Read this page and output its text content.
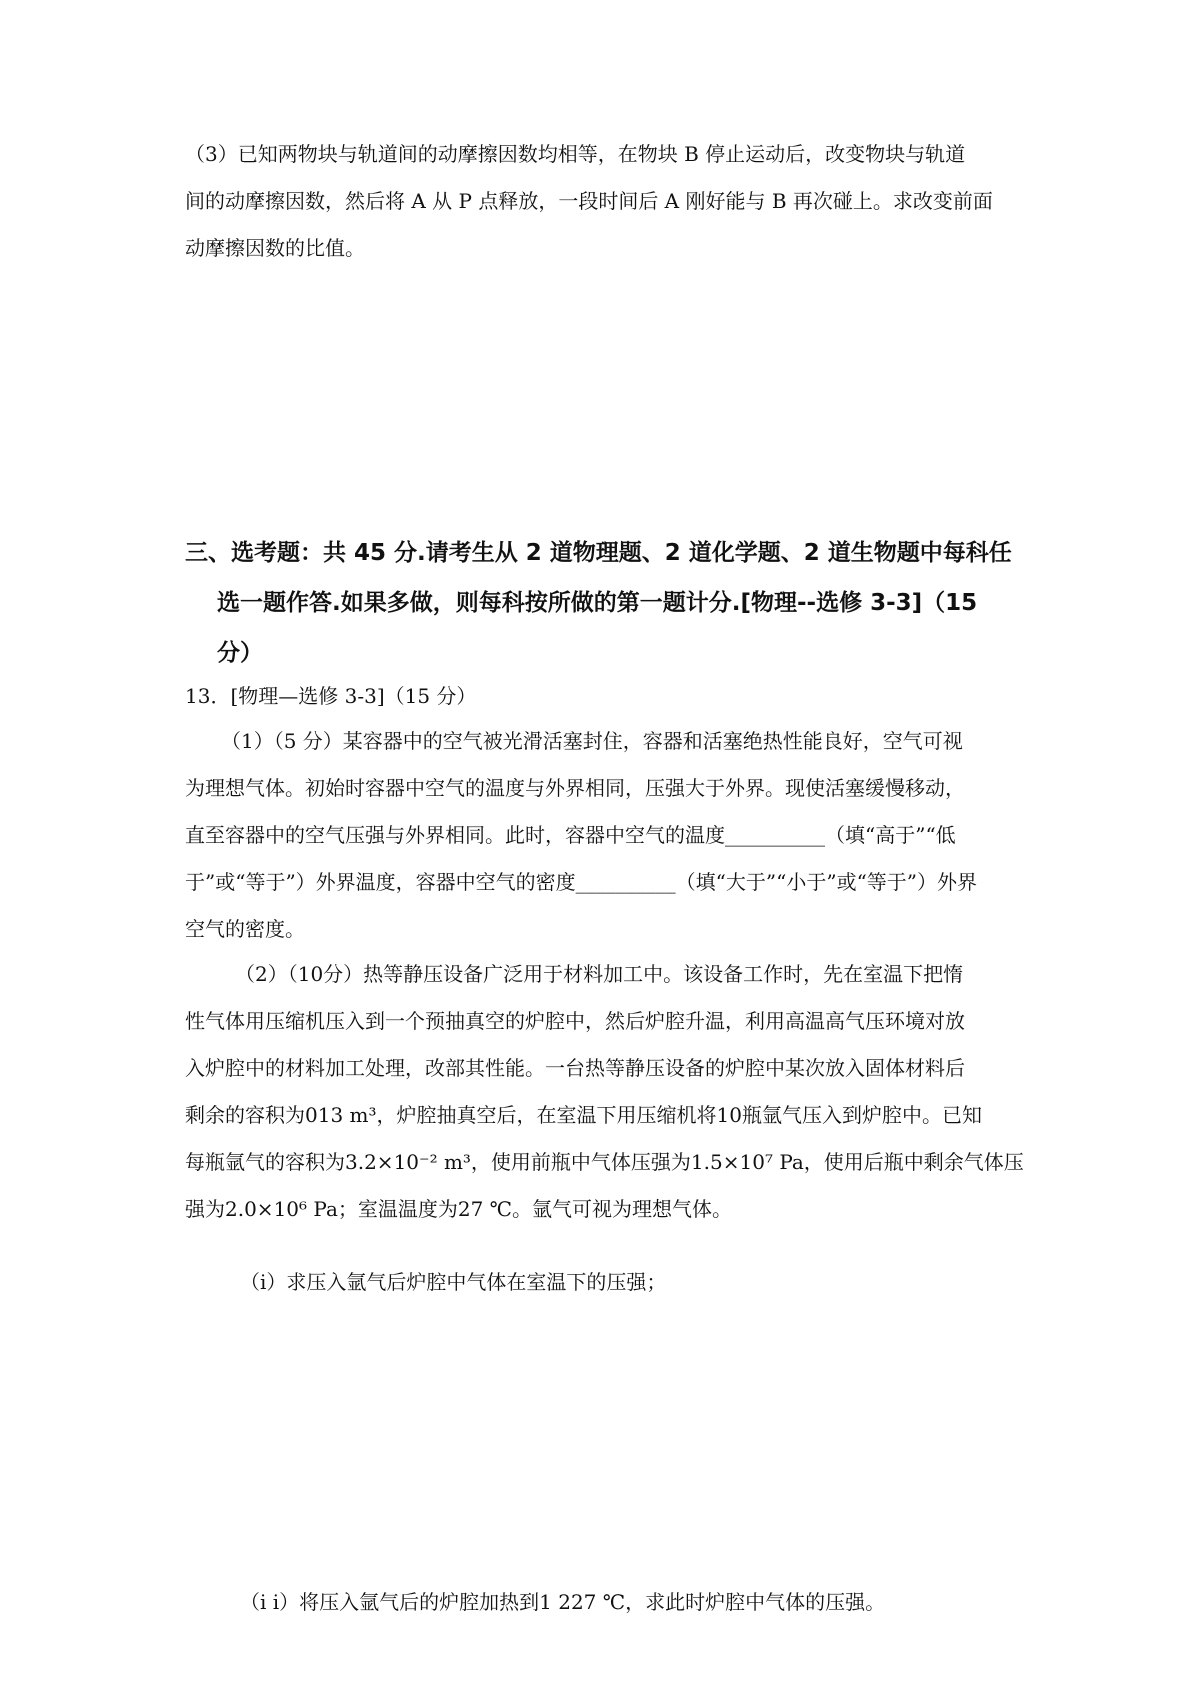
（3）已知两物块与轨道间的动摩擦因数均相等，在物块 B 停止运动后，改变物块与轨道
间的动摩擦因数，然后将 A 从 P 点释放，一段时间后 A 刚好能与 B 再次碰上。求改变前面
动摩擦因数的比值。
三、选考题：共 45 分.请考生从 2 道物理题、2 道化学题、2 道生物题中每科任
选一题作答.如果多做，则每科按所做的第一题计分.[物理--选修 3-3]（15
分）
13．[物理—选修 3-3]（15 分）
（1）（5 分）某容器中的空气被光滑活塞封住，容器和活塞绝热性能良好，空气可视
为理想气体。初始时容器中空气的温度与外界相同，压强大于外界。现使活塞缓慢移动，
直至容器中的空气压强与外界相同。此时，容器中空气的温度__________（填“高于”“低
于”或“等于”）外界温度，容器中空气的密度__________（填“大于”“小于”或“等于”）外界
空气的密度。
（2）（10分）热等静压设备广泛用于材料加工中。该设备工作时，先在室温下把惰
性气体用压缩机压入到一个预抽真空的炉腔中，然后炉腔升温，利用高温高气压环境对放
入炉腔中的材料加工处理，改部其性能。一台热等静压设备的炉腔中某次放入固体材料后
剩余的容积为013 m³，炉腔抽真空后，在室温下用压缩机将10瓶氩气压入到炉腔中。已知
每瓶氩气的容积为3.2×10⁻² m³，使用前瓶中气体压强为1.5×10⁷ Pa，使用后瓶中剩余气体压
强为2.0×10⁶ Pa；室温温度为27 ℃。氩气可视为理想气体。
（i）求压入氩气后炉腔中气体在室温下的压强；
（i i）将压入氩气后的炉腔加热到1 227 ℃，求此时炉腔中气体的压强。
